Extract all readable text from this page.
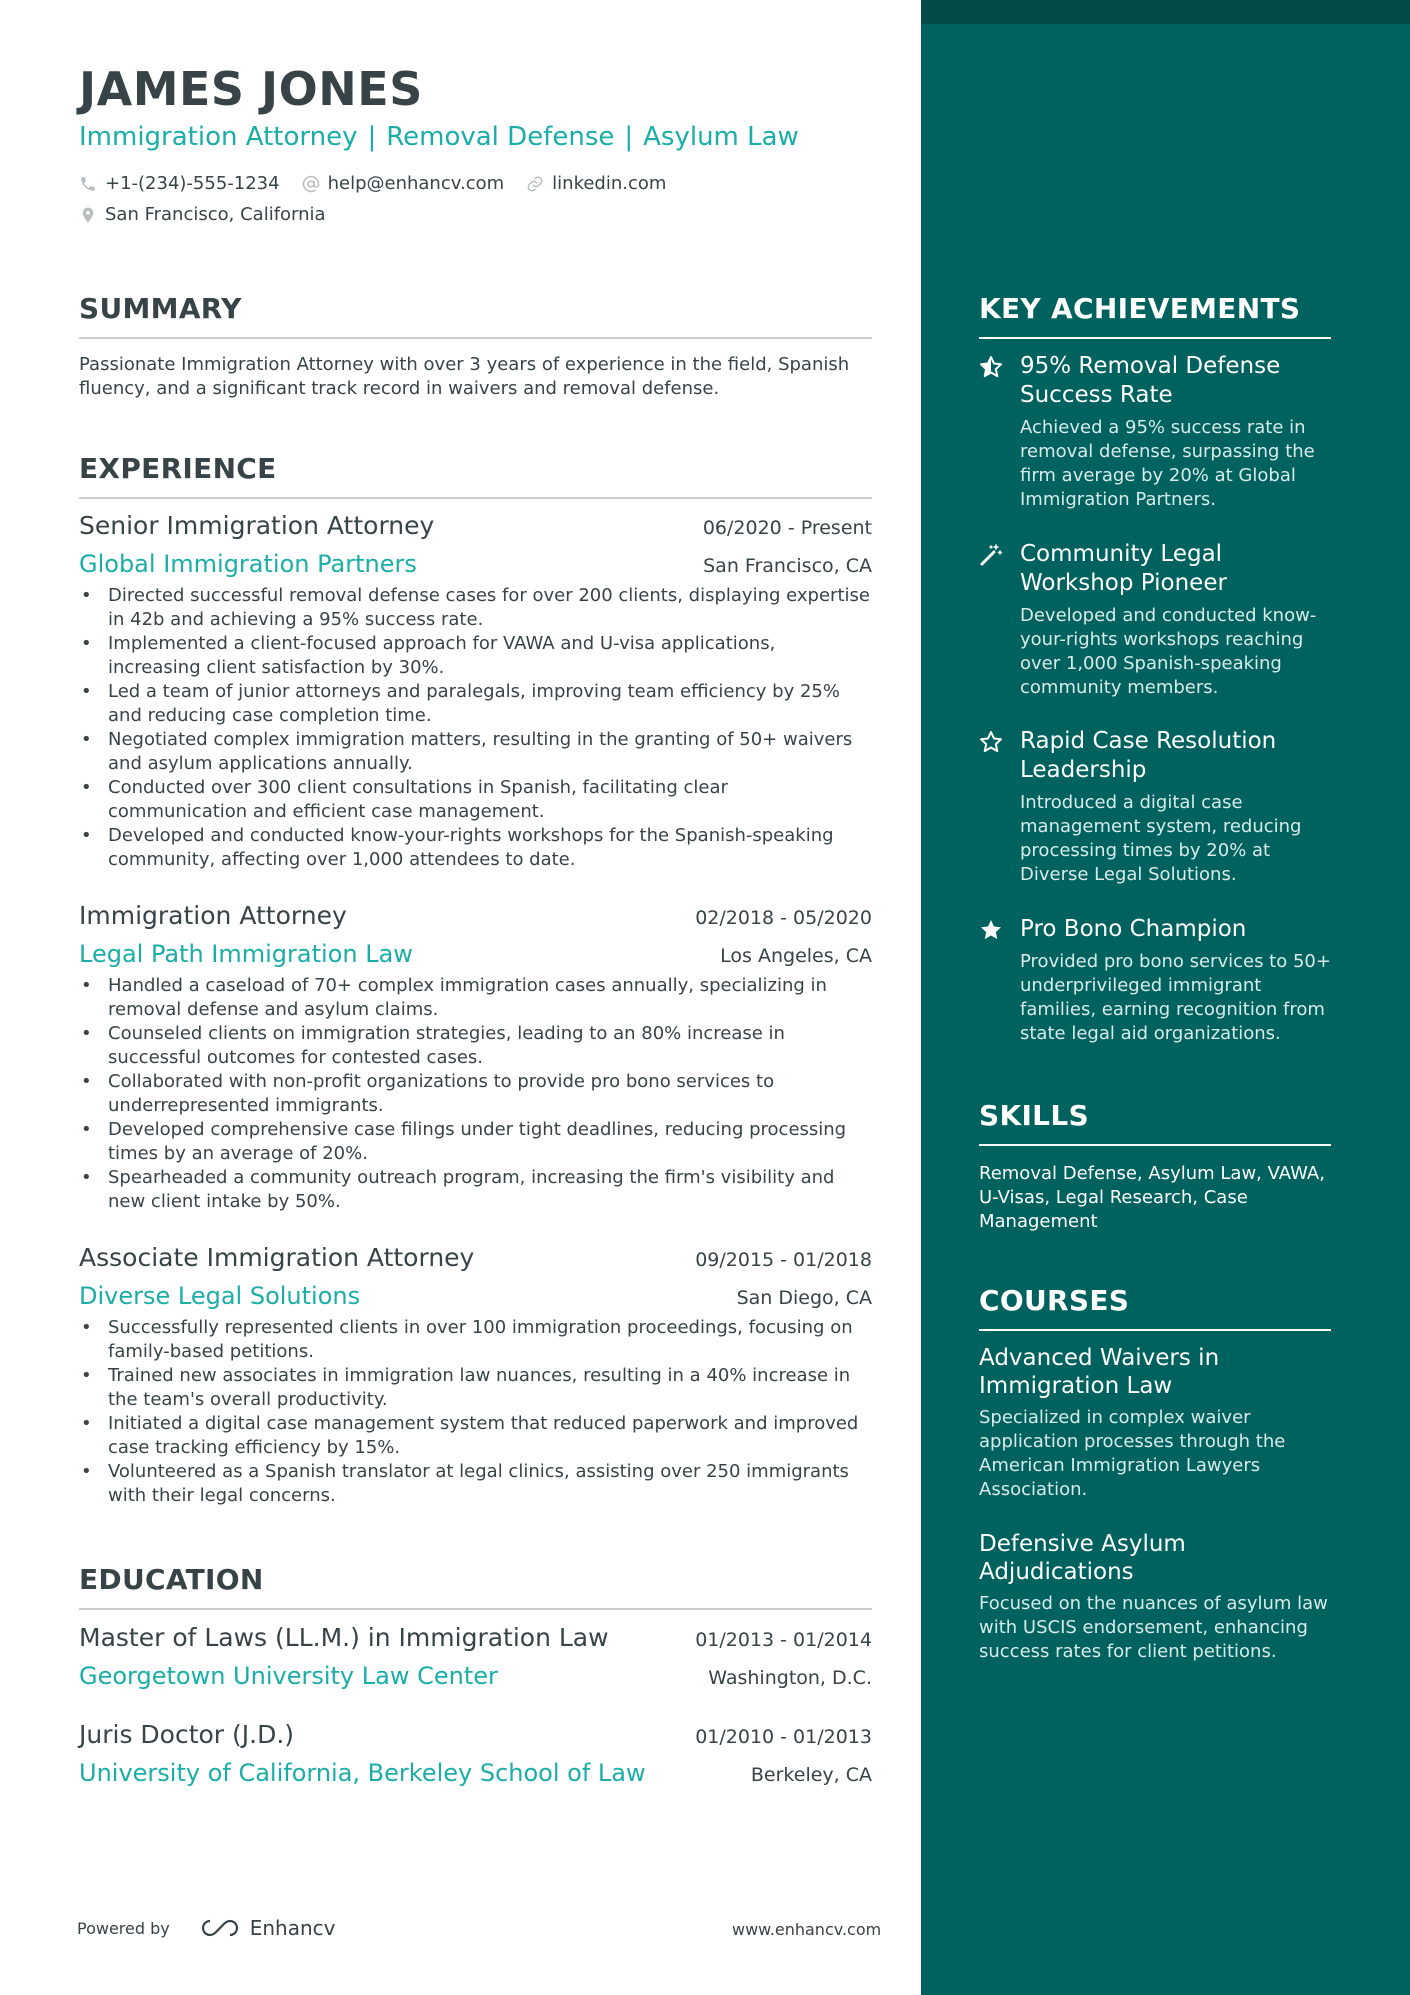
JAMES JONES
Immigration Attorney | Removal Defense | Asylum Law
+1-(234)-555-1234	help@enhancv.com	linkedin.com
San Francisco, California
SUMMARY
Passionate Immigration Attorney with over 3 years of experience in the field, Spanish fluency, and a significant track record in waivers and removal defense.
EXPERIENCE
Senior Immigration Attorney	06/2020 - Present
Global Immigration Partners	San Francisco, CA
• Directed successful removal defense cases for over 200 clients, displaying expertise in 42b and achieving a 95% success rate.
• Implemented a client-focused approach for VAWA and U-visa applications, increasing client satisfaction by 30%.
• Led a team of junior attorneys and paralegals, improving team efficiency by 25% and reducing case completion time.
• Negotiated complex immigration matters, resulting in the granting of 50+ waivers and asylum applications annually.
• Conducted over 300 client consultations in Spanish, facilitating clear communication and efficient case management.
• Developed and conducted know-your-rights workshops for the Spanish-speaking community, affecting over 1,000 attendees to date.
Immigration Attorney	02/2018 - 05/2020
Legal Path Immigration Law	Los Angeles, CA
• Handled a caseload of 70+ complex immigration cases annually, specializing in removal defense and asylum claims.
• Counseled clients on immigration strategies, leading to an 80% increase in successful outcomes for contested cases.
• Collaborated with non-profit organizations to provide pro bono services to underrepresented immigrants.
• Developed comprehensive case filings under tight deadlines, reducing processing times by an average of 20%.
• Spearheaded a community outreach program, increasing the firm's visibility and new client intake by 50%.
Associate Immigration Attorney	09/2015 - 01/2018
Diverse Legal Solutions	San Diego, CA
• Successfully represented clients in over 100 immigration proceedings, focusing on family-based petitions.
• Trained new associates in immigration law nuances, resulting in a 40% increase in the team's overall productivity.
• Initiated a digital case management system that reduced paperwork and improved case tracking efficiency by 15%.
• Volunteered as a Spanish translator at legal clinics, assisting over 250 immigrants with their legal concerns.
EDUCATION
Master of Laws (LL.M.) in Immigration Law	01/2013 - 01/2014
Georgetown University Law Center	Washington, D.C.
Juris Doctor (J.D.)	01/2010 - 01/2013
University of California, Berkeley School of Law	Berkeley, CA
KEY ACHIEVEMENTS
95% Removal Defense Success Rate
Achieved a 95% success rate in removal defense, surpassing the firm average by 20% at Global Immigration Partners.
Community Legal Workshop Pioneer
Developed and conducted know-your-rights workshops reaching over 1,000 Spanish-speaking community members.
Rapid Case Resolution Leadership
Introduced a digital case management system, reducing processing times by 20% at Diverse Legal Solutions.
Pro Bono Champion
Provided pro bono services to 50+ underprivileged immigrant families, earning recognition from state legal aid organizations.
SKILLS
Removal Defense, Asylum Law, VAWA, U-Visas, Legal Research, Case Management
COURSES
Advanced Waivers in Immigration Law
Specialized in complex waiver application processes through the American Immigration Lawyers Association.
Defensive Asylum Adjudications
Focused on the nuances of asylum law with USCIS endorsement, enhancing success rates for client petitions.
Powered by	Enhancv	www.enhancv.com
